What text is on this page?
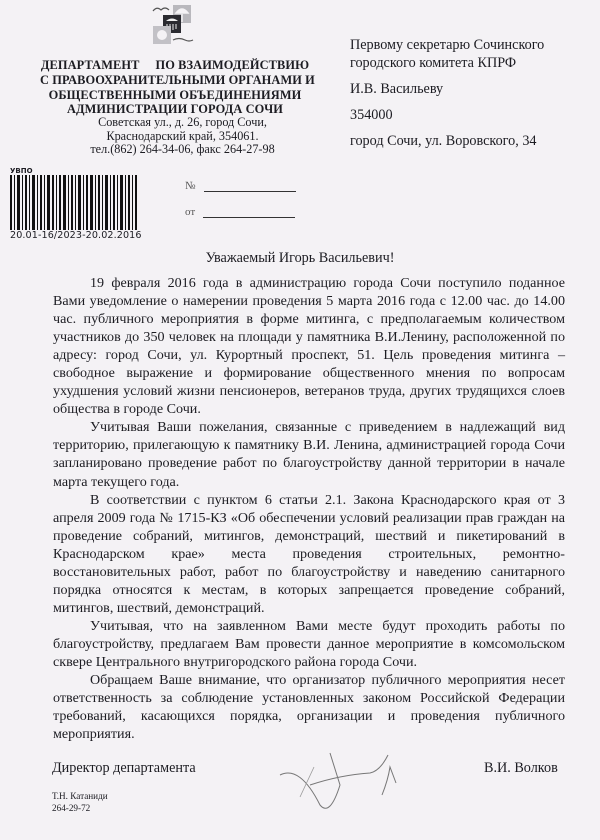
ДЕПАРТАМЕНТ     ПО ВЗАИМОДЕЙСТВИЮ
С ПРАВООХРАНИТЕЛЬНЫМИ ОРГАНАМИ И
ОБЩЕСТВЕННЫМИ ОБЪЕДИНЕНИЯМИ
АДМИНИСТРАЦИИ ГОРОДА СОЧИ
Советская ул., д. 26, город Сочи,
Краснодарский край, 354061.
тел.(862) 264-34-06, факс 264-27-98
УВПО
20.01-16/2023-20.02.2016
№
от
Первому секретарю Сочинского
городского комитета КПРФ
И.В. Васильеву
354000
город Сочи, ул. Воровского, 34
Уважаемый Игорь Васильевич!

19 февраля 2016 года в администрацию города Сочи поступило поданное Вами уведомление о намерении проведения 5 марта 2016 года с 12.00 час. до 14.00 час. публичного мероприятия в форме митинга, с предполагаемым количеством участников до 350 человек на площади у памятника В.И.Ленину, расположенной по адресу: город Сочи, ул. Курортный проспект, 51. Цель проведения митинга – свободное выражение и формирование общественного мнения по вопросам ухудшения условий жизни пенсионеров, ветеранов труда, других трудящихся слоев общества в городе Сочи.

Учитывая Ваши пожелания, связанные с приведением в надлежащий вид территорию, прилегающую к памятнику В.И. Ленина, администрацией города Сочи запланировано проведение работ по благоустройству данной территории в начале марта текущего года.

В соответствии с пунктом 6 статьи 2.1. Закона Краснодарского края от 3 апреля 2009 года № 1715-КЗ «Об обеспечении условий реализации прав граждан на проведение собраний, митингов, демонстраций, шествий и пикетирований в Краснодарском крае» места проведения строительных, ремонтно-восстановительных работ, работ по благоустройству и наведению санитарного порядка относятся к местам, в которых запрещается проведение собраний, митингов, шествий, демонстраций.

Учитывая, что на заявленном Вами месте будут проходить работы по благоустройству, предлагаем Вам провести данное мероприятие в комсомольском сквере Центрального внутригородского района города Сочи.

Обращаем Ваше внимание, что организатор публичного мероприятия несет ответственность за соблюдение установленных законом Российской Федерации требований, касающихся порядка, организации и проведения публичного мероприятия.

Директор департамента	В.И. Волков
Т.Н. Катаниди
264-29-72
